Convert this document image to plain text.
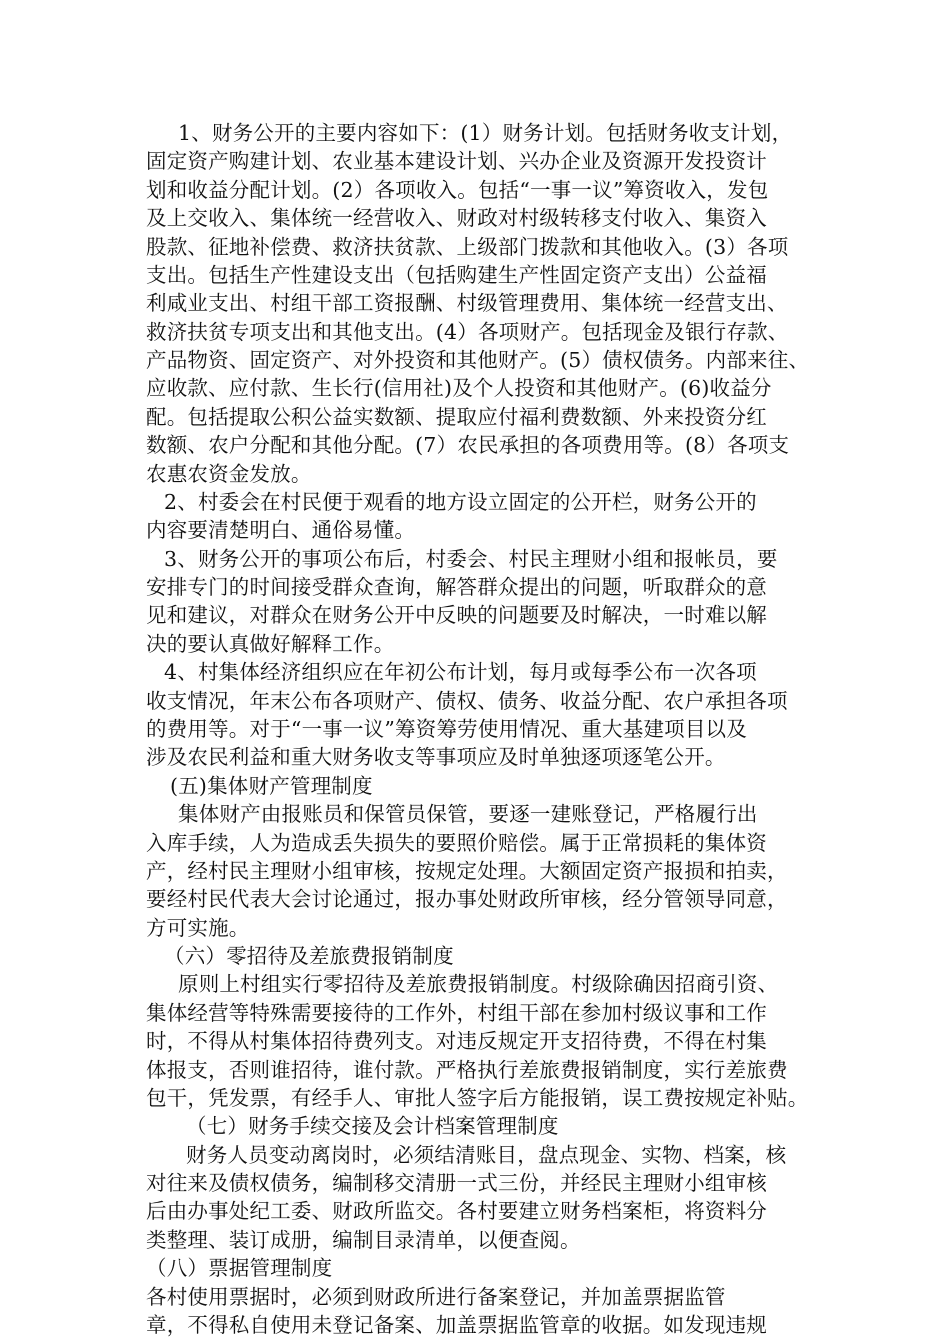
1、财务公开的主要内容如下：(1）财务计划。包括财务收支计划，
固定资产购建计划、农业基本建设计划、兴办企业及资源开发投资计
划和收益分配计划。(2）各项收入。包括“一事一议”筹资收入，发包
及上交收入、集体统一经营收入、财政对村级转移支付收入、集资入
股款、征地补偿费、救济扶贫款、上级部门拨款和其他收入。(3）各项
支出。包括生产性建设支出（包括购建生产性固定资产支出）公益福
利咸业支出、村组干部工资报酬、村级管理费用、集体统一经营支出、
救济扶贫专项支出和其他支出。(4）各项财产。包括现金及银行存款、
产品物资、固定资产、对外投资和其他财产。(5）债权债务。内部来往、
应收款、应付款、生长行(信用社)及个人投资和其他财产。(6)收益分
配。包括提取公积公益实数额、提取应付福利费数额、外来投资分红
数额、农户分配和其他分配。(7）农民承担的各项费用等。(8）各项支
农惠农资金发放。
2、村委会在村民便于观看的地方设立固定的公开栏，财务公开的
内容要清楚明白、通俗易懂。
3、财务公开的事项公布后，村委会、村民主理财小组和报帐员，要
安排专门的时间接受群众查询，解答群众提出的问题，听取群众的意
见和建议，对群众在财务公开中反映的问题要及时解决，一时难以解
决的要认真做好解释工作。
4、村集体经济组织应在年初公布计划，每月或每季公布一次各项
收支情况，年末公布各项财产、债权、债务、收益分配、农户承担各项
的费用等。对于“一事一议”筹资筹劳使用情况、重大基建项目以及
涉及农民利益和重大财务收支等事项应及时单独逐项逐笔公开。
(五)集体财产管理制度
集体财产由报账员和保管员保管，要逐一建账登记，严格履行出
入库手续，人为造成丢失损失的要照价赔偿。属于正常损耗的集体资
产，经村民主理财小组审核，按规定处理。大额固定资产报损和拍卖，
要经村民代表大会讨论通过，报办事处财政所审核，经分管领导同意，
方可实施。
（六）零招待及差旅费报销制度
原则上村组实行零招待及差旅费报销制度。村级除确因招商引资、
集体经营等特殊需要接待的工作外，村组干部在参加村级议事和工作
时，不得从村集体招待费列支。对违反规定开支招待费，不得在村集
体报支，否则谁招待，谁付款。严格执行差旅费报销制度，实行差旅费
包干，凭发票，有经手人、审批人签字后方能报销，误工费按规定补贴。
（七）财务手续交接及会计档案管理制度
财务人员变动离岗时，必须结清账目，盘点现金、实物、档案，核
对往来及债权债务，编制移交清册一式三份，并经民主理财小组审核
后由办事处纪工委、财政所监交。各村要建立财务档案柜，将资料分
类整理、装订成册，编制目录清单，以便查阅。
（八）票据管理制度
各村使用票据时，必须到财政所进行备案登记，并加盖票据监管
章，不得私自使用未登记备案、加盖票据监管章的收据。如发现违规
